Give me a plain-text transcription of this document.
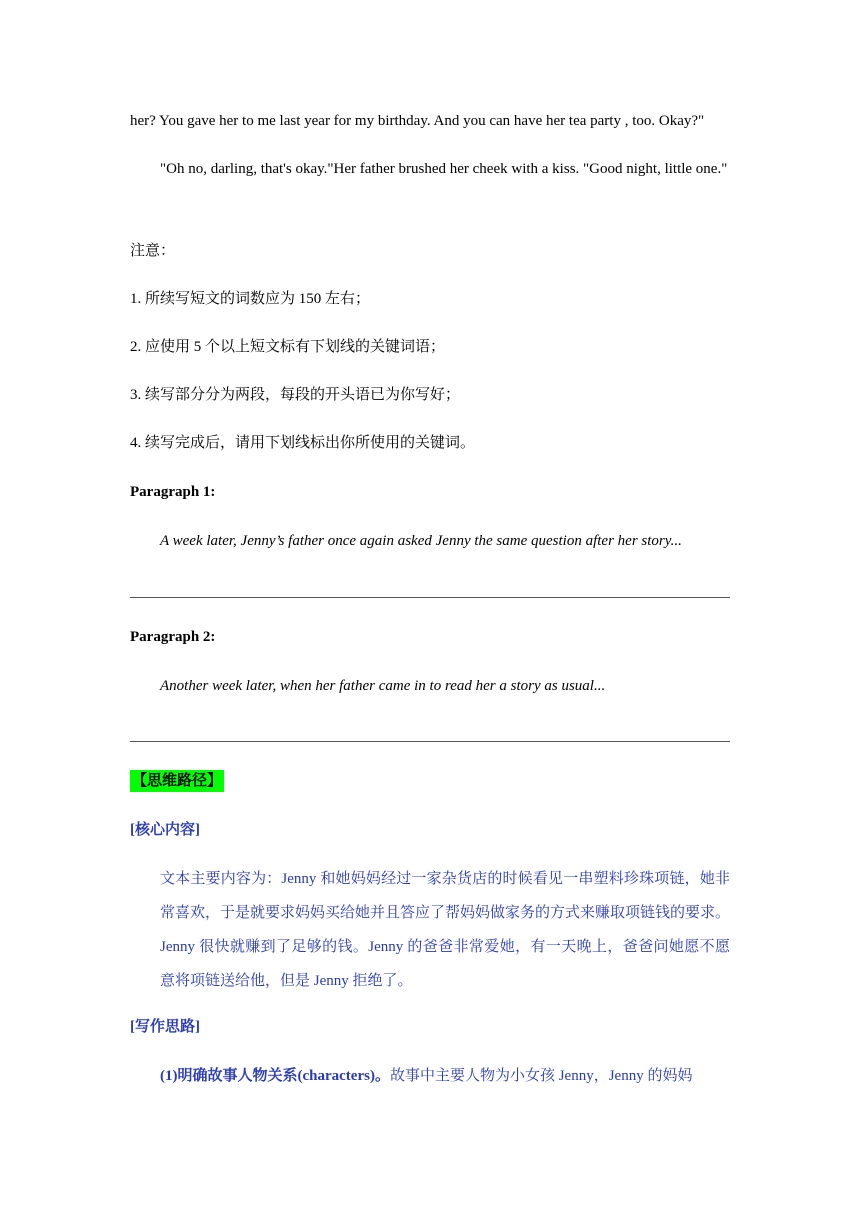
her? You gave her to me last year for my birthday. And you can have her tea party , too. Okay?"
"Oh no, darling, that's okay."Her father brushed her cheek with a kiss. "Good night, little one."
注意：
1. 所续写短文的词数应为 150 左右；
2. 应使用 5 个以上短文标有下划线的关键词语；
3. 续写部分分为两段，每段的开头语已为你写好；
4. 续写完成后，请用下划线标出你所使用的关键词。
Paragraph 1:
A week later, Jenny’s father once again asked Jenny the same question after her story...
Paragraph 2:
Another week later, when her father came in to read her a story as usual...
【思维路径】
[核心内容]
文本主要内容为：Jenny 和她妈妈经过一家杂货店的时候看见一串塑料珍珠项链，她非常喜欢，于是就要求妈妈买给她并且答应了帮妈妈做家务的方式来赚取项链钱的要求。Jenny 很快就赚到了足够的钱。Jenny 的爸爸非常爱她，有一天晚上，爸爸问她愿不愿意将项链送给他，但是 Jenny 拒绝了。
[写作思路]
(1)明确故事人物关系(characters)。故事中主要人物为小女孩 Jenny，Jenny 的妈妈
